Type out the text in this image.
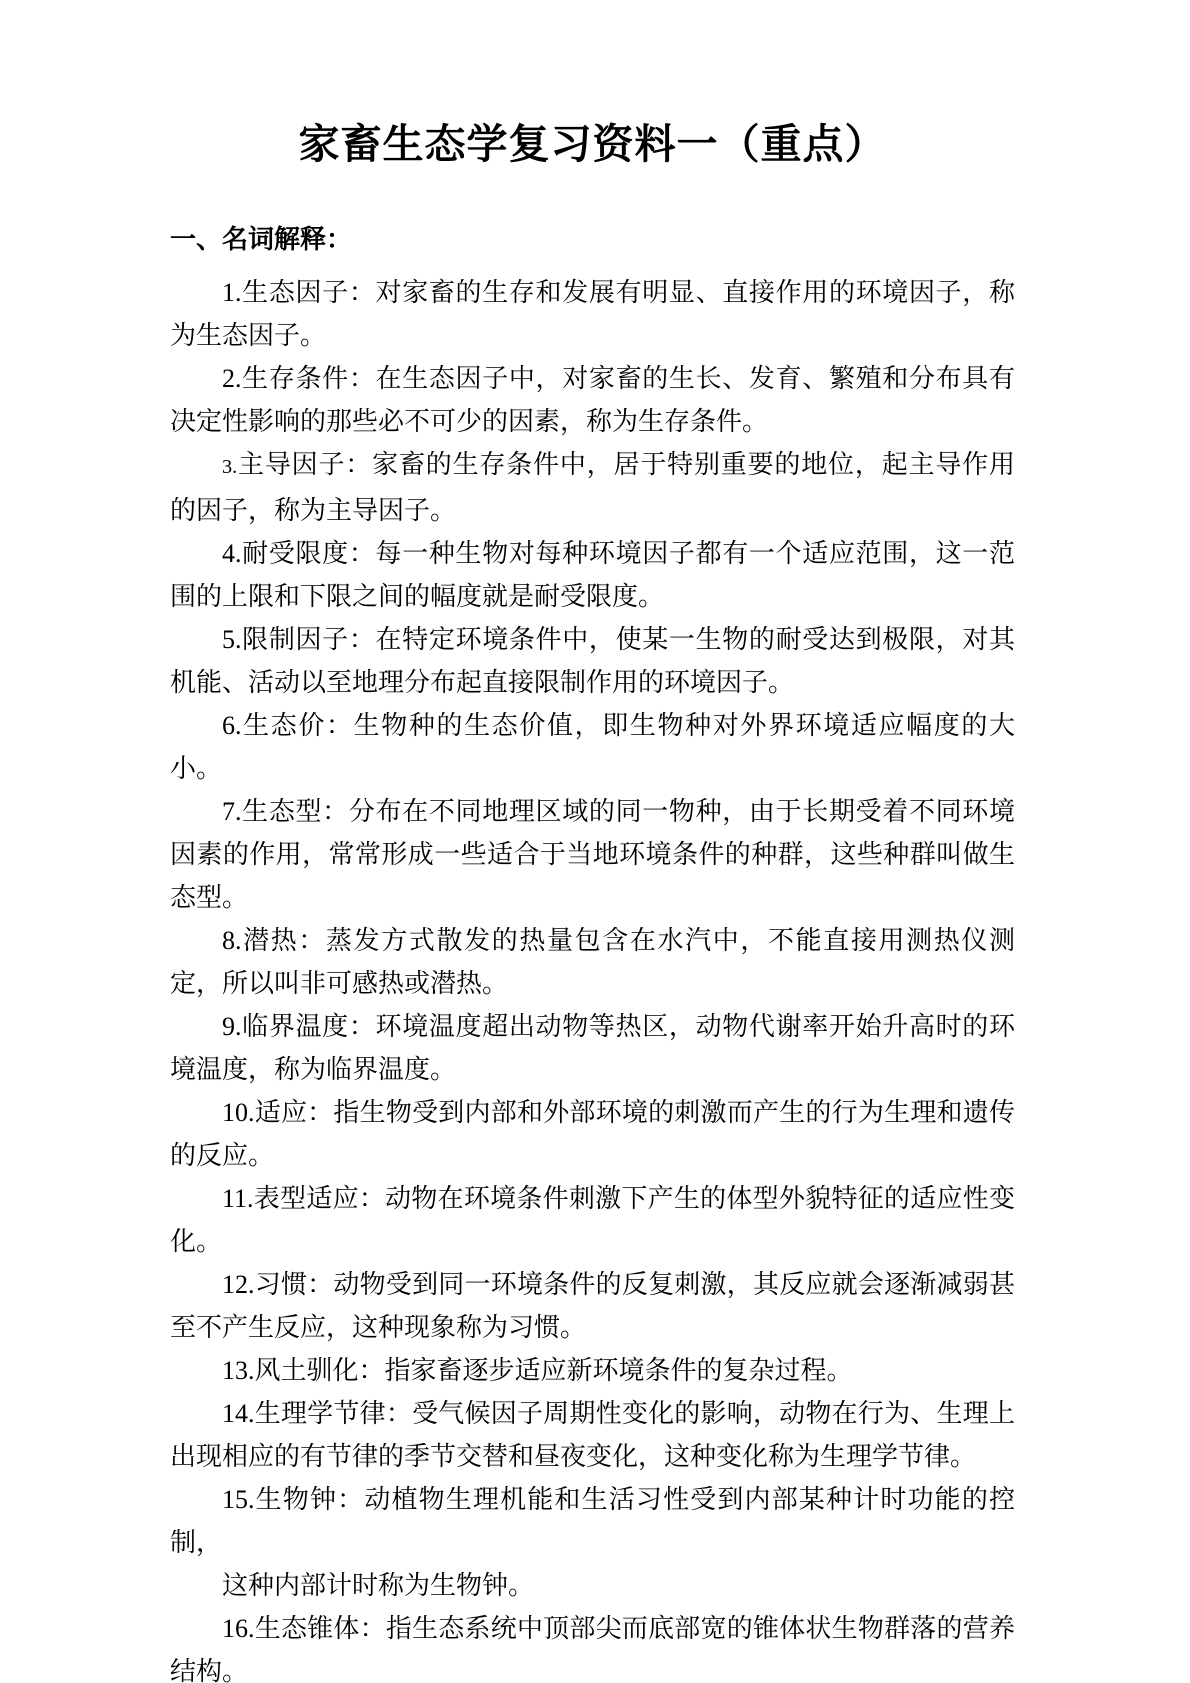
家畜生态学复习资料一（重点）
一、名词解释：

1.生态因子：对家畜的生存和发展有明显、直接作用的环境因子，称为生态因子。

2.生存条件：在生态因子中，对家畜的生长、发育、繁殖和分布具有决定性影响的那些必不可少的因素，称为生存条件。

3.主导因子：家畜的生存条件中，居于特别重要的地位，起主导作用的因子，称为主导因子。

4.耐受限度：每一种生物对每种环境因子都有一个适应范围，这一范围的上限和下限之间的幅度就是耐受限度。

5.限制因子：在特定环境条件中，使某一生物的耐受达到极限，对其机能、活动以至地理分布起直接限制作用的环境因子。

6.生态价：生物种的生态价值，即生物种对外界环境适应幅度的大小。

7.生态型：分布在不同地理区域的同一物种，由于长期受着不同环境因素的作用，常常形成一些适合于当地环境条件的种群，这些种群叫做生态型。

8.潜热：蒸发方式散发的热量包含在水汽中，不能直接用测热仪测定，所以叫非可感热或潜热。

9.临界温度：环境温度超出动物等热区，动物代谢率开始升高时的环境温度，称为临界温度。

10.适应：指生物受到内部和外部环境的刺激而产生的行为生理和遗传的反应。

11.表型适应：动物在环境条件刺激下产生的体型外貌特征的适应性变化。

12.习惯：动物受到同一环境条件的反复刺激，其反应就会逐渐减弱甚至不产生反应，这种现象称为习惯。

13.风土驯化：指家畜逐步适应新环境条件的复杂过程。

14.生理学节律：受气候因子周期性变化的影响，动物在行为、生理上出现相应的有节律的季节交替和昼夜变化，这种变化称为生理学节律。

15.生物钟：动植物生理机能和生活习性受到内部某种计时功能的控制，

这种内部计时称为生物钟。

16.生态锥体：指生态系统中顶部尖而底部宽的锥体状生物群落的营养结构。
